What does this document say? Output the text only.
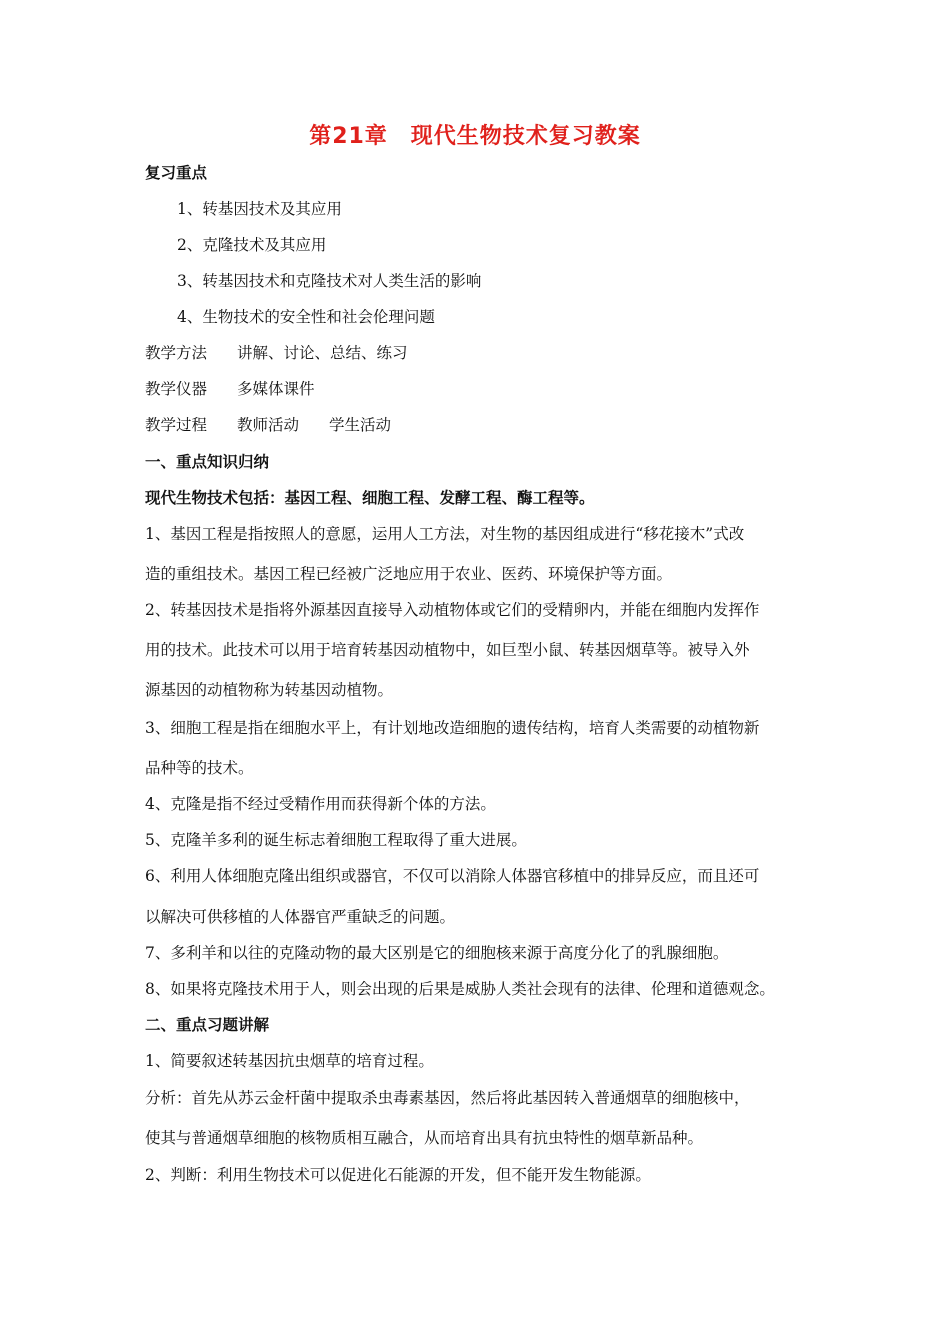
第21章　现代生物技术复习教案
复习重点
1、转基因技术及其应用
2、克隆技术及其应用
3、转基因技术和克隆技术对人类生活的影响
4、生物技术的安全性和社会伦理问题
教学方法 讲解、讨论、总结、练习
教学仪器 多媒体课件
教学过程 教师活动 学生活动
一、重点知识归纳
现代生物技术包括：基因工程、细胞工程、发酵工程、酶工程等。
1、基因工程是指按照人的意愿，运用人工方法，对生物的基因组成进行“移花接木”式改
造的重组技术。基因工程已经被广泛地应用于农业、医药、环境保护等方面。
2、转基因技术是指将外源基因直接导入动植物体或它们的受精卵内，并能在细胞内发挥作
用的技术。此技术可以用于培育转基因动植物中，如巨型小鼠、转基因烟草等。被导入外
源基因的动植物称为转基因动植物。
3、细胞工程是指在细胞水平上，有计划地改造细胞的遗传结构，培育人类需要的动植物新
品种等的技术。
4、克隆是指不经过受精作用而获得新个体的方法。
5、克隆羊多利的诞生标志着细胞工程取得了重大进展。
6、利用人体细胞克隆出组织或器官，不仅可以消除人体器官移植中的排异反应，而且还可
以解决可供移植的人体器官严重缺乏的问题。
7、多利羊和以往的克隆动物的最大区别是它的细胞核来源于高度分化了的乳腺细胞。
8、如果将克隆技术用于人，则会出现的后果是威胁人类社会现有的法律、伦理和道德观念。
二、重点习题讲解
1、简要叙述转基因抗虫烟草的培育过程。
分析：首先从苏云金杆菌中提取杀虫毒素基因，然后将此基因转入普通烟草的细胞核中，
使其与普通烟草细胞的核物质相互融合，从而培育出具有抗虫特性的烟草新品种。
2、判断：利用生物技术可以促进化石能源的开发，但不能开发生物能源。
